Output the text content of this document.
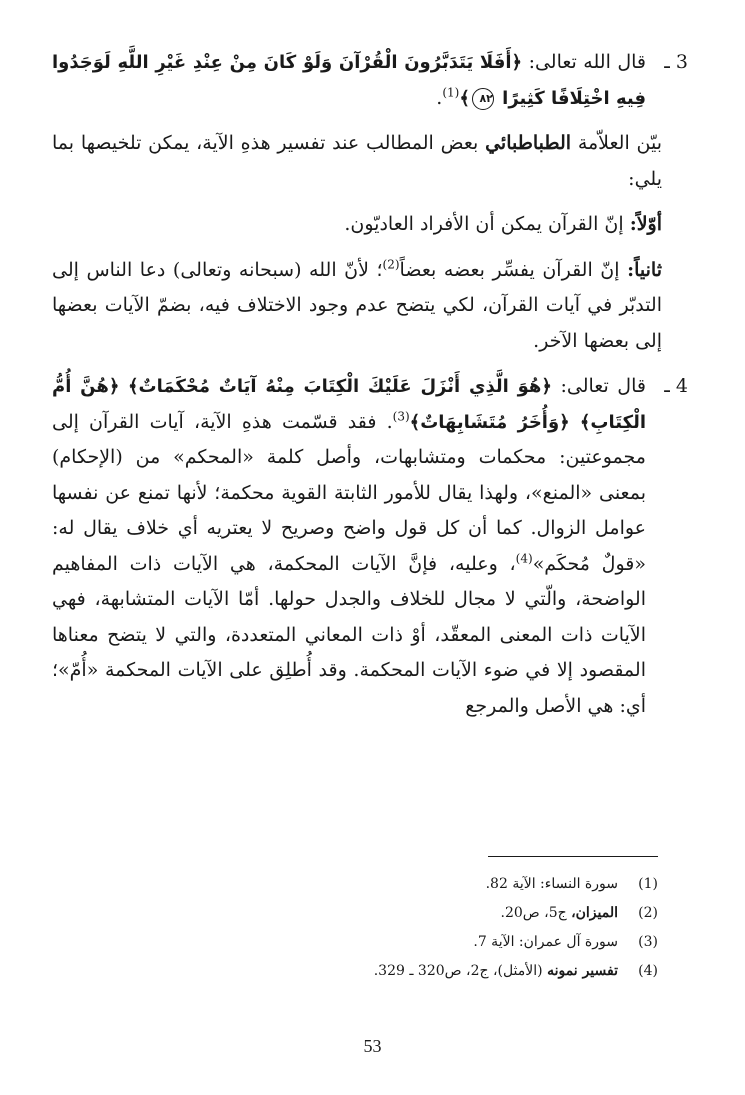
3 ـ
قال الله تعالى: ﴿أَفَلَا يَتَدَبَّرُونَ الْقُرْآنَ وَلَوْ كَانَ مِنْ عِنْدِ غَيْرِ اللَّهِ لَوَجَدُوا فِيهِ اخْتِلَافًا كَثِيرًا ٨٢﴾$^{(1)}$.

بيّن العلاّمة الطباطبائي بعض المطالب عند تفسير هذهِ الآية، يمكن تلخيصها بما يلي:

أوّلاً: إنّ القرآن يمكن أن الأفراد العاديّون.

ثانياً: إنّ القرآن يفسِّر بعضه بعضاً$^{(2)}$؛ لأنّ الله (سبحانه وتعالى) دعا الناس إلى التدبّر في آيات القرآن، لكي يتضح عدم وجود الاختلاف فيه، بضمّ الآيات بعضها إلى بعضها الآخر.

4 ـ
قال تعالى: ﴿هُوَ الَّذِي أَنْزَلَ عَلَيْكَ الْكِتَابَ مِنْهُ آيَاتٌ مُحْكَمَاتٌ﴾ ﴿هُنَّ أُمُّ الْكِتَابِ﴾ ﴿وَأُخَرُ مُتَشَابِهَاتٌ﴾$^{(3)}$. فقد قسّمت هذهِ الآية، آيات القرآن إلى مجموعتين: محكمات ومتشابهات، وأصل كلمة «المحكم» من (الإحكام) بمعنى «المنع»، ولهذا يقال للأمور الثابتة القوية محكمة؛ لأنها تمنع عن نفسها عوامل الزوال. كما أن كل قول واضح وصريح لا يعتريه أي خلاف يقال له: «قولٌ مُحكَم»$^{(4)}$، وعليه، فإنَّ الآيات المحكمة، هي الآيات ذات المفاهيم الواضحة، والّتي لا مجال للخلاف والجدل حولها. أمّا الآيات المتشابهة، فهي الآيات ذات المعنى المعقّد، أوْ ذات المعاني المتعددة، والتي لا يتضح معناها المقصود إلا في ضوء الآيات المحكمة. وقد أُطلِق على الآيات المحكمة «أُمّ»؛ أي: هي الأصل والمرجع
(1)
سورة النساء: الآية 82.
(2)
الميزان، ج5، ص20.
(3)
سورة آل عمران: الآية 7.
(4)
تفسير نمونه (الأمثل)، ج2، ص320 ـ 329.
53
